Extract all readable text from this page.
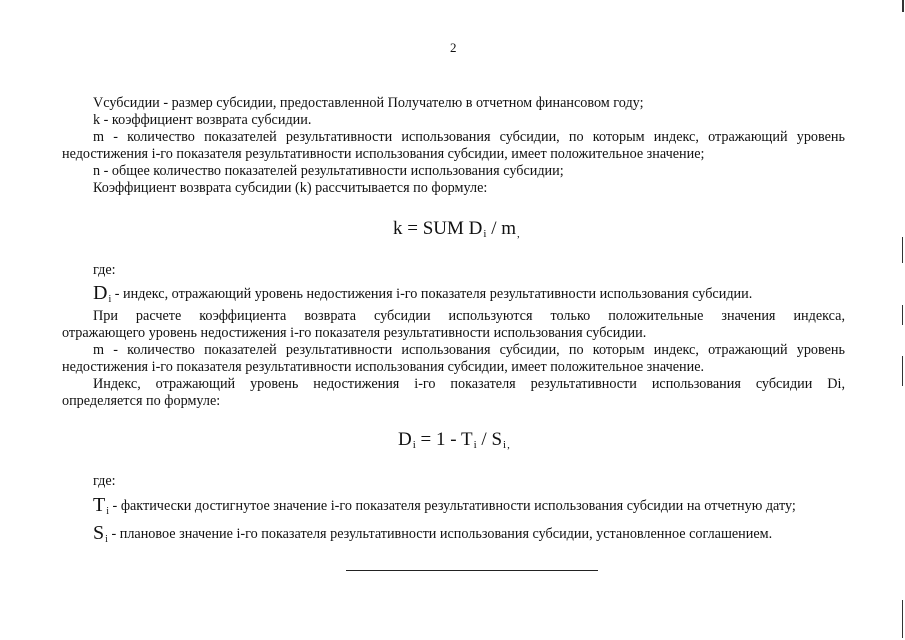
2
Vсубсидии - размер субсидии, предоставленной Получателю в отчетном финансовом году;
k - коэффициент возврата субсидии.
m - количество показателей результативности использования субсидии, по которым индекс, отражающий уровень
недостижения i-го показателя результативности использования субсидии, имеет положительное значение;
n - общее количество показателей результативности использования субсидии;
Коэффициент возврата субсидии (k) рассчитывается по формуле:
k = SUM $D_i / m_,$
где:
$D_i$ - индекс, отражающий уровень недостижения i-го показателя результативности использования субсидии.
При расчете коэффициента возврата субсидии используются только положительные значения индекса,
отражающего уровень недостижения i-го показателя результативности использования субсидии.
m - количество показателей результативности использования субсидии, по которым индекс, отражающий уровень
недостижения i-го показателя результативности использования субсидии, имеет положительное значение.
Индекс, отражающий уровень недостижения i-го показателя результативности использования субсидии Di,
определяется по формуле:
$D_i = 1 - T_i / S_{i,}$
где:
$T_i$ - фактически достигнутое значение i-го показателя результативности использования субсидии на отчетную дату;
$S_i$ - плановое значение i-го показателя результативности использования субсидии, установленное соглашением.
